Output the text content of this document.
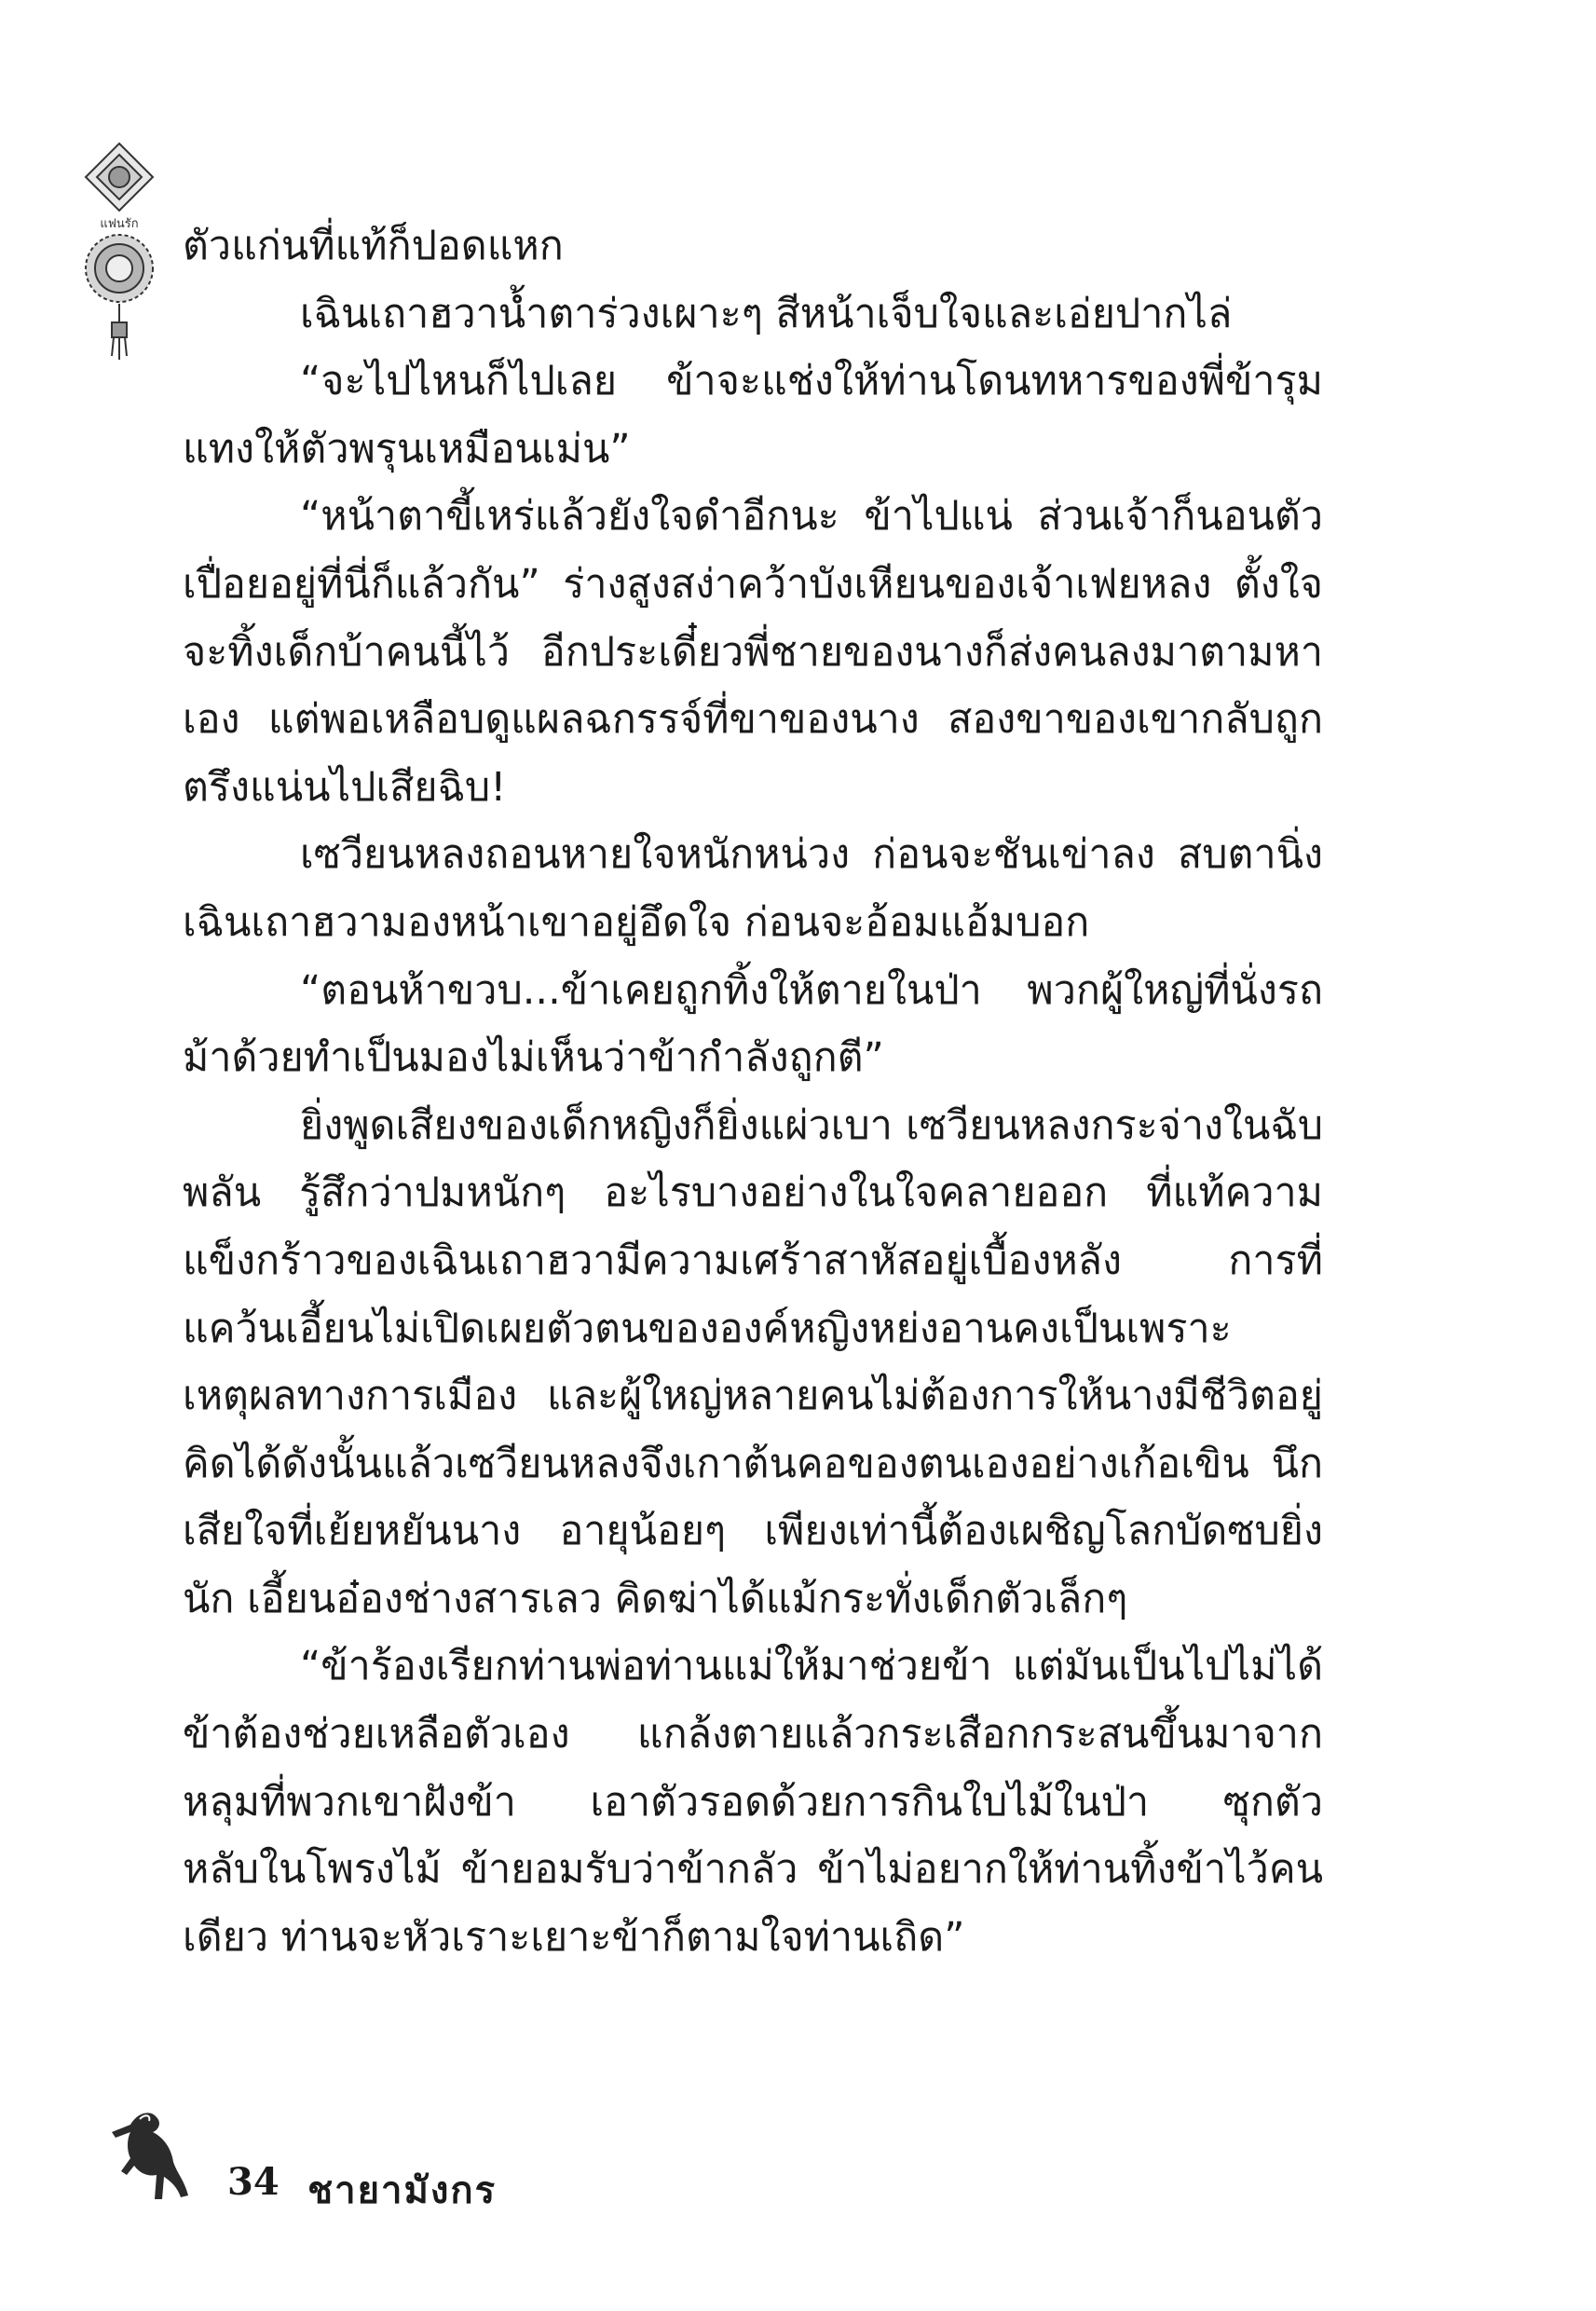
แฟนรัก ตัวแก่นที่แท้ก็ปอดแหก

เฉินเถาฮวาน้ำตาร่วงเผาะๆ สีหน้าเจ็บใจและเอ่ยปากไล่

“จะไปไหนก็ไปเลย ข้าจะแช่งให้ท่านโดนทหารของพี่ข้ารุมแทงให้ตัวพรุนเหมือนเม่น”

“หน้าตาขี้เหร่แล้วยังใจดำอีกนะ ข้าไปแน่ ส่วนเจ้าก็นอนตัวเปื่อยอยู่ที่นี่ก็แล้วกัน” ร่างสูงสง่าคว้าบังเหียนของเจ้าเฟยหลง ตั้งใจจะทิ้งเด็กบ้าคนนี้ไว้ อีกประเดี๋ยวพี่ชายของนางก็ส่งคนลงมาตามหาเอง แต่พอเหลือบดูแผลฉกรรจ์ที่ขาของนาง สองขาของเขากลับถูกตรึงแน่นไปเสียฉิบ!

เซวียนหลงถอนหายใจหนักหน่วง ก่อนจะชันเข่าลง สบตานิ่งเฉินเถาฮวามองหน้าเขาอยู่อึดใจ ก่อนจะอ้อมแอ้มบอก

“ตอนห้าขวบ...ข้าเคยถูกทิ้งให้ตายในป่า พวกผู้ใหญ่ที่นั่งรถม้าด้วยทำเป็นมองไม่เห็นว่าข้ากำลังถูกตี”

ยิ่งพูดเสียงของเด็กหญิงก็ยิ่งแผ่วเบา เซวียนหลงกระจ่างในฉับพลัน รู้สึกว่าปมหนักๆ อะไรบางอย่างในใจคลายออก ที่แท้ความแข็งกร้าวของเฉินเถาฮวามีความเศร้าสาหัสอยู่เบื้องหลัง การที่แคว้นเอี้ยนไม่เปิดเผยตัวตนขององค์หญิงหย่งอานคงเป็นเพราะเหตุผลทางการเมือง และผู้ใหญ่หลายคนไม่ต้องการให้นางมีชีวิตอยู่ คิดได้ดังนั้นแล้วเซวียนหลงจึงเกาต้นคอของตนเองอย่างเก้อเขิน นึกเสียใจที่เย้ยหยันนาง อายุน้อยๆ เพียงเท่านี้ต้องเผชิญโลกบัดซบยิ่งนัก เอี้ยนอ๋องช่างสารเลว คิดฆ่าได้แม้กระทั่งเด็กตัวเล็กๆ

“ข้าร้องเรียกท่านพ่อท่านแม่ให้มาช่วยข้า แต่มันเป็นไปไม่ได้ ข้าต้องช่วยเหลือตัวเอง แกล้งตายแล้วกระเสือกกระสนขึ้นมาจากหลุมที่พวกเขาฝังข้า เอาตัวรอดด้วยการกินใบไม้ในป่า ซุกตัวหลับในโพรงไม้ ข้ายอมรับว่าข้ากลัว ข้าไม่อยากให้ท่านทิ้งข้าไว้คนเดียว ท่านจะหัวเราะเยาะข้าก็ตามใจท่านเถิด”

34 ชายามังกร
